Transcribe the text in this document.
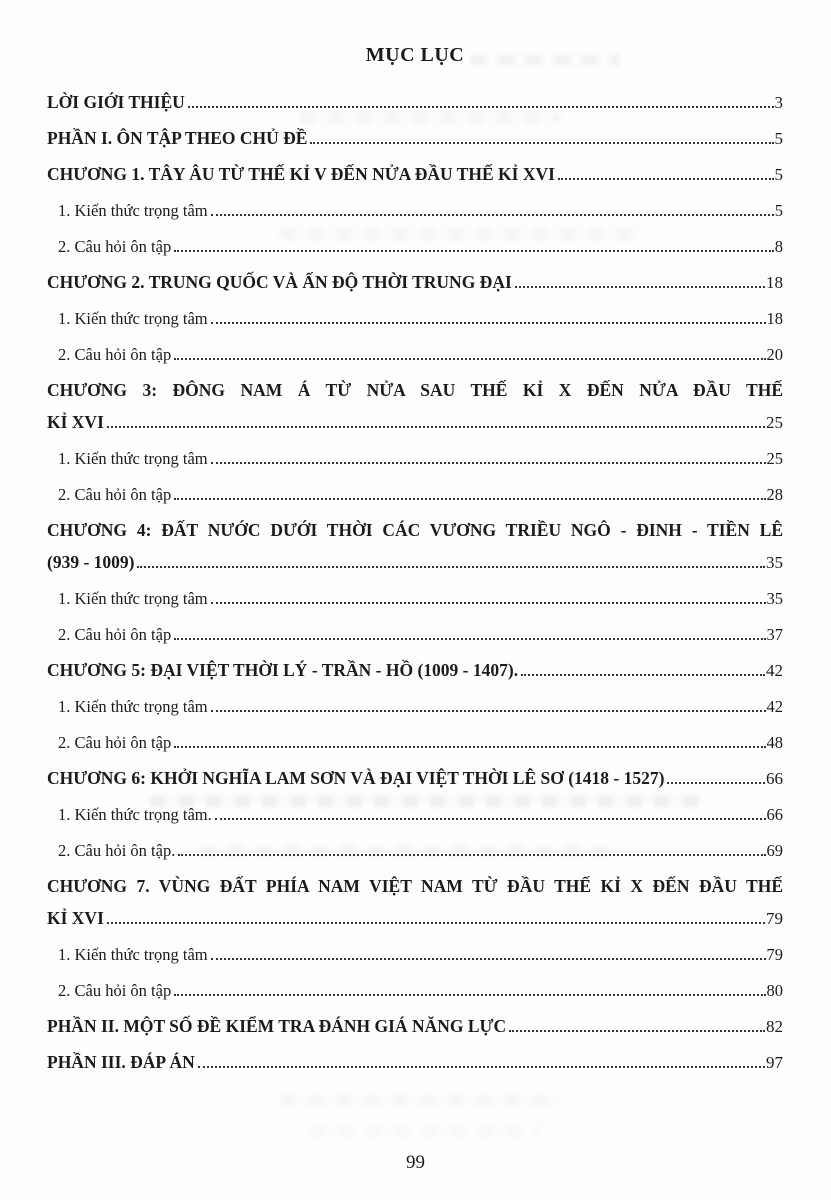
MỤC LỤC
LỜI GIỚI THIỆU	3
PHẦN I. ÔN TẬP THEO CHỦ ĐỀ	5
CHƯƠNG 1. TÂY ÂU TỪ THẾ KỈ V ĐẾN NỬA ĐẦU THẾ KỈ XVI	5
1. Kiến thức trọng tâm	5
2. Câu hỏi ôn tập	8
CHƯƠNG 2. TRUNG QUỐC VÀ ẤN ĐỘ THỜI TRUNG ĐẠI	18
1. Kiến thức trọng tâm	18
2. Câu hỏi ôn tập	20
CHƯƠNG 3: ĐÔNG NAM Á TỪ NỬA SAU THẾ KỈ X ĐẾN NỬA ĐẦU THẾ
KỈ XVI	25
1. Kiến thức trọng tâm	25
2. Câu hỏi ôn tập	28
CHƯƠNG 4: ĐẤT NƯỚC DƯỚI THỜI CÁC VƯƠNG TRIỀU NGÔ - ĐINH - TIỀN LÊ
(939 - 1009)	35
1. Kiến thức trọng tâm	35
2. Câu hỏi ôn tập	37
CHƯƠNG 5: ĐẠI VIỆT THỜI LÝ - TRẦN - HỒ (1009 - 1407).	42
1. Kiến thức trọng tâm	42
2. Câu hỏi ôn tập	48
CHƯƠNG 6: KHỞI NGHĨA LAM SƠN VÀ ĐẠI VIỆT THỜI LÊ SƠ (1418 - 1527)	66
1. Kiến thức trọng tâm.	66
2. Câu hỏi ôn tập.	69
CHƯƠNG 7. VÙNG ĐẤT PHÍA NAM VIỆT NAM TỪ ĐẦU THẾ KỈ X ĐẾN ĐẦU THẾ
KỈ XVI	79
1. Kiến thức trọng tâm	79
2. Câu hỏi ôn tập	80
PHẦN II. MỘT SỐ ĐỀ KIỂM TRA ĐÁNH GIÁ NĂNG LỰC	82
PHẦN III. ĐÁP ÁN	97
99
